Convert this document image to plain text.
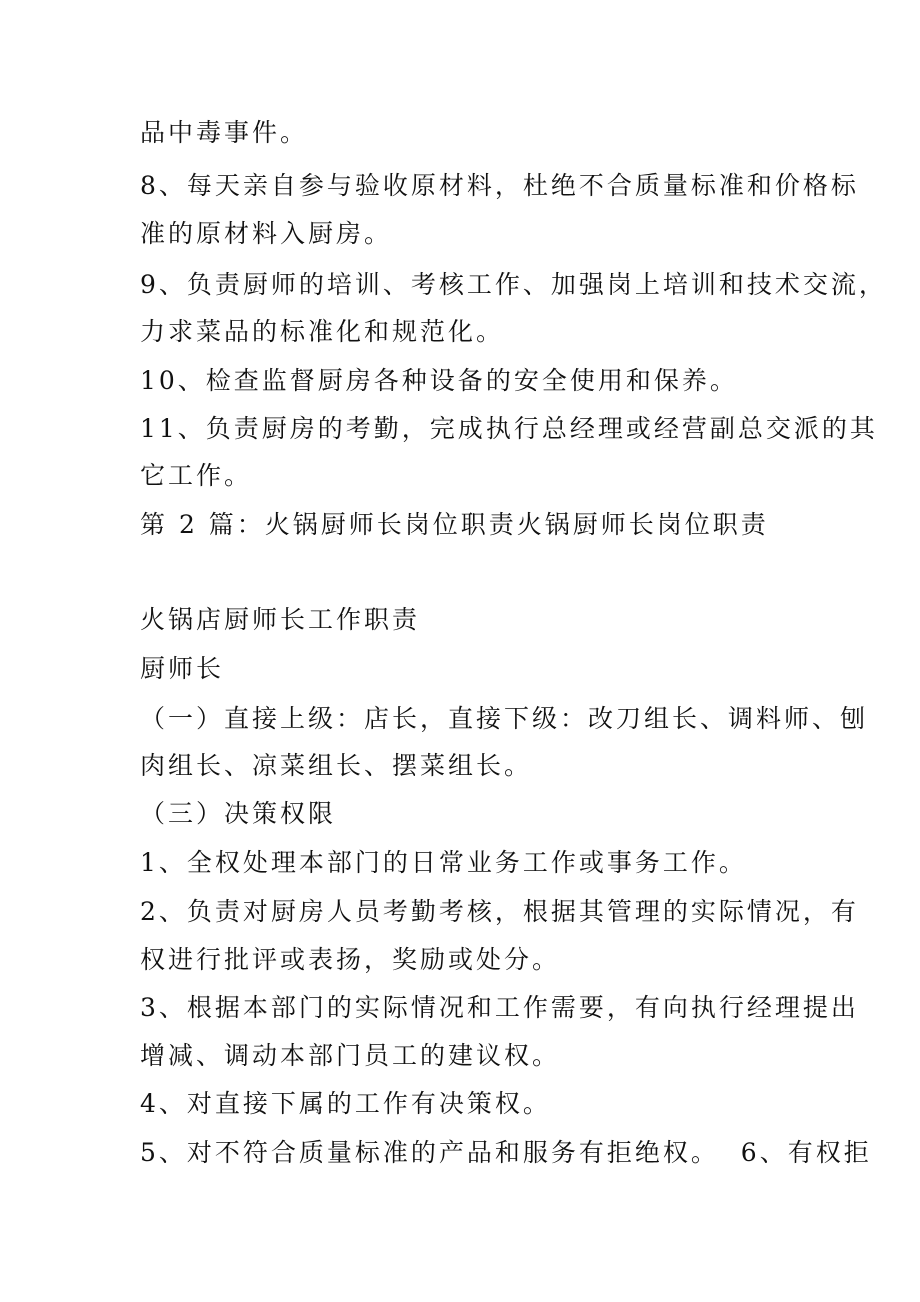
品中毒事件。
8、每天亲自参与验收原材料，杜绝不合质量标准和价格标
准的原材料入厨房。
9、负责厨师的培训、考核工作、加强岗上培训和技术交流，
力求菜品的标准化和规范化。
10、检查监督厨房各种设备的安全使用和保养。
11、负责厨房的考勤，完成执行总经理或经营副总交派的其
它工作。
第 2 篇：火锅厨师长岗位职责火锅厨师长岗位职责
火锅店厨师长工作职责
厨师长
（一）直接上级：店长，直接下级：改刀组长、调料师、刨
肉组长、凉菜组长、摆菜组长。
（三）决策权限
1、全权处理本部门的日常业务工作或事务工作。
2、负责对厨房人员考勤考核，根据其管理的实际情况，有
权进行批评或表扬，奖励或处分。
3、根据本部门的实际情况和工作需要，有向执行经理提出
增减、调动本部门员工的建议权。
4、对直接下属的工作有决策权。
5、对不符合质量标准的产品和服务有拒绝权。  6、有权拒
